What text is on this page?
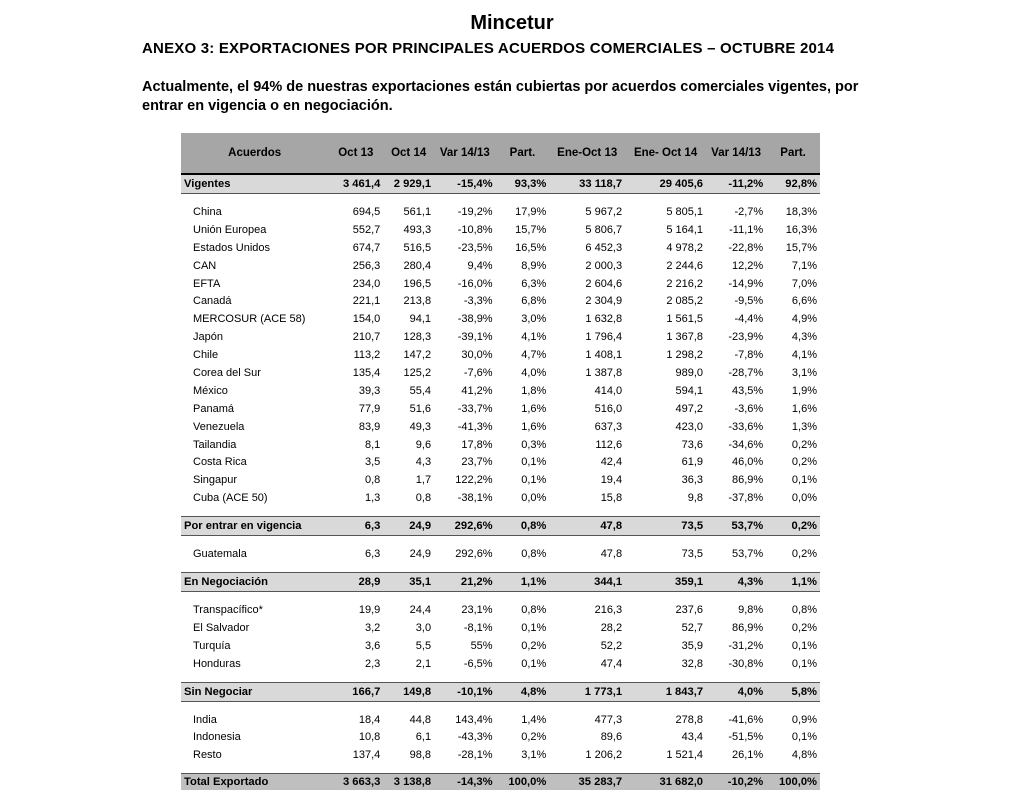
Mincetur
ANEXO 3: EXPORTACIONES POR PRINCIPALES ACUERDOS COMERCIALES – OCTUBRE 2014
Actualmente, el 94% de nuestras exportaciones están cubiertas por acuerdos comerciales vigentes, por entrar en vigencia o en negociación.
Acuerdos	Oct 13	Oct 14	Var 14/13	Part.	Ene-Oct 13	Ene- Oct 14	Var 14/13	Part.
Vigentes	3 461,4	2 929,1	-15,4%	93,3%	33 118,7	29 405,6	-11,2%	92,8%

China	694,5	561,1	-19,2%	17,9%	5 967,2	5 805,1	-2,7%	18,3%
Unión Europea	552,7	493,3	-10,8%	15,7%	5 806,7	5 164,1	-11,1%	16,3%
Estados Unidos	674,7	516,5	-23,5%	16,5%	6 452,3	4 978,2	-22,8%	15,7%
CAN	256,3	280,4	9,4%	8,9%	2 000,3	2 244,6	12,2%	7,1%
EFTA	234,0	196,5	-16,0%	6,3%	2 604,6	2 216,2	-14,9%	7,0%
Canadá	221,1	213,8	-3,3%	6,8%	2 304,9	2 085,2	-9,5%	6,6%
MERCOSUR (ACE 58)	154,0	94,1	-38,9%	3,0%	1 632,8	1 561,5	-4,4%	4,9%
Japón	210,7	128,3	-39,1%	4,1%	1 796,4	1 367,8	-23,9%	4,3%
Chile	113,2	147,2	30,0%	4,7%	1 408,1	1 298,2	-7,8%	4,1%
Corea del Sur	135,4	125,2	-7,6%	4,0%	1 387,8	989,0	-28,7%	3,1%
México	39,3	55,4	41,2%	1,8%	414,0	594,1	43,5%	1,9%
Panamá	77,9	51,6	-33,7%	1,6%	516,0	497,2	-3,6%	1,6%
Venezuela	83,9	49,3	-41,3%	1,6%	637,3	423,0	-33,6%	1,3%
Tailandia	8,1	9,6	17,8%	0,3%	112,6	73,6	-34,6%	0,2%
Costa Rica	3,5	4,3	23,7%	0,1%	42,4	61,9	46,0%	0,2%
Singapur	0,8	1,7	122,2%	0,1%	19,4	36,3	86,9%	0,1%
Cuba (ACE 50)	1,3	0,8	-38,1%	0,0%	15,8	9,8	-37,8%	0,0%

Por entrar en vigencia	6,3	24,9	292,6%	0,8%	47,8	73,5	53,7%	0,2%

Guatemala	6,3	24,9	292,6%	0,8%	47,8	73,5	53,7%	0,2%

En Negociación	28,9	35,1	21,2%	1,1%	344,1	359,1	4,3%	1,1%

Transpacífico*	19,9	24,4	23,1%	0,8%	216,3	237,6	9,8%	0,8%
El Salvador	3,2	3,0	-8,1%	0,1%	28,2	52,7	86,9%	0,2%
Turquía	3,6	5,5	55%	0,2%	52,2	35,9	-31,2%	0,1%
Honduras	2,3	2,1	-6,5%	0,1%	47,4	32,8	-30,8%	0,1%

Sin Negociar	166,7	149,8	-10,1%	4,8%	1 773,1	1 843,7	4,0%	5,8%

India	18,4	44,8	143,4%	1,4%	477,3	278,8	-41,6%	0,9%
Indonesia	10,8	6,1	-43,3%	0,2%	89,6	43,4	-51,5%	0,1%
Resto	137,4	98,8	-28,1%	3,1%	1 206,2	1 521,4	26,1%	4,8%

Total Exportado	3 663,3	3 138,8	-14,3%	100,0%	35 283,7	31 682,0	-10,2%	100,0%
